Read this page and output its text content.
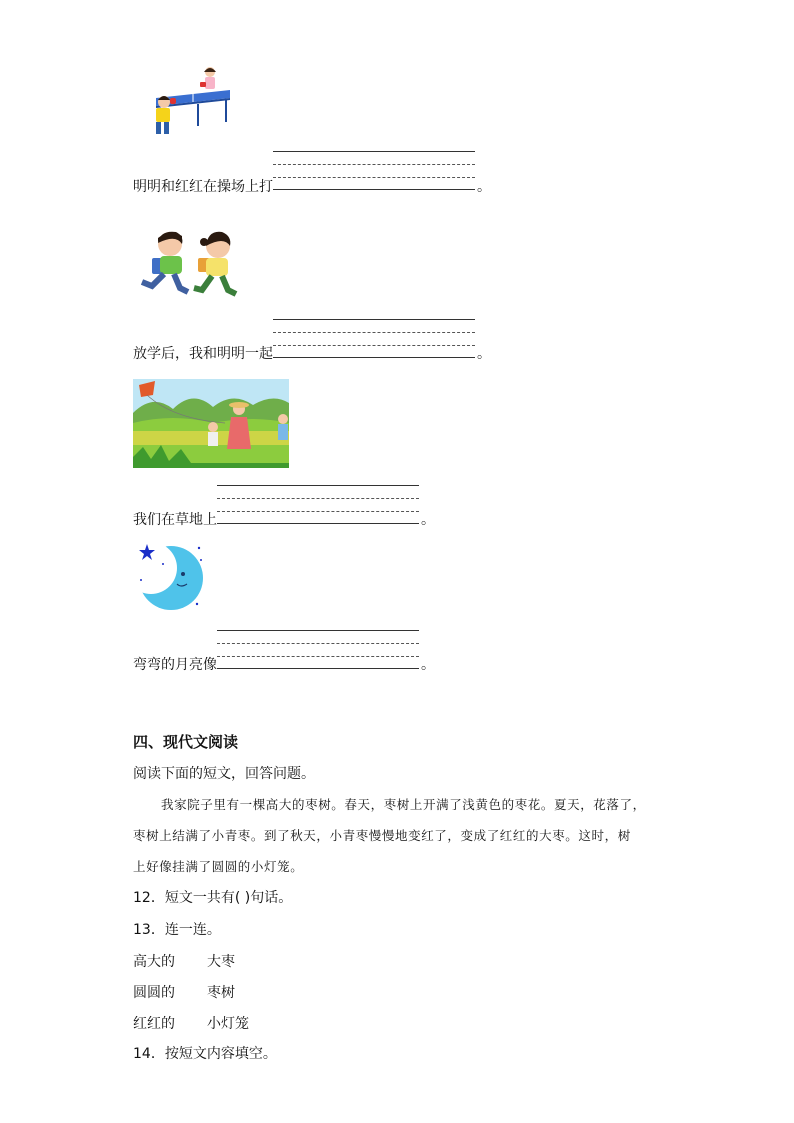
明明和红红在操场上打	。
放学后，我和明明一起	。
我们在草地上	。
弯弯的月亮像	。
四、现代文阅读
阅读下面的短文，回答问题。
我家院子里有一棵高大的枣树。春天，枣树上开满了浅黄色的枣花。夏天，花落了，
枣树上结满了小青枣。到了秋天，小青枣慢慢地变红了，变成了红红的大枣。这时，树
上好像挂满了圆圆的小灯笼。
12．短文一共有( )句话。
13．连一连。
高大的 大枣
圆圆的 枣树
红红的 小灯笼
14．按短文内容填空。
